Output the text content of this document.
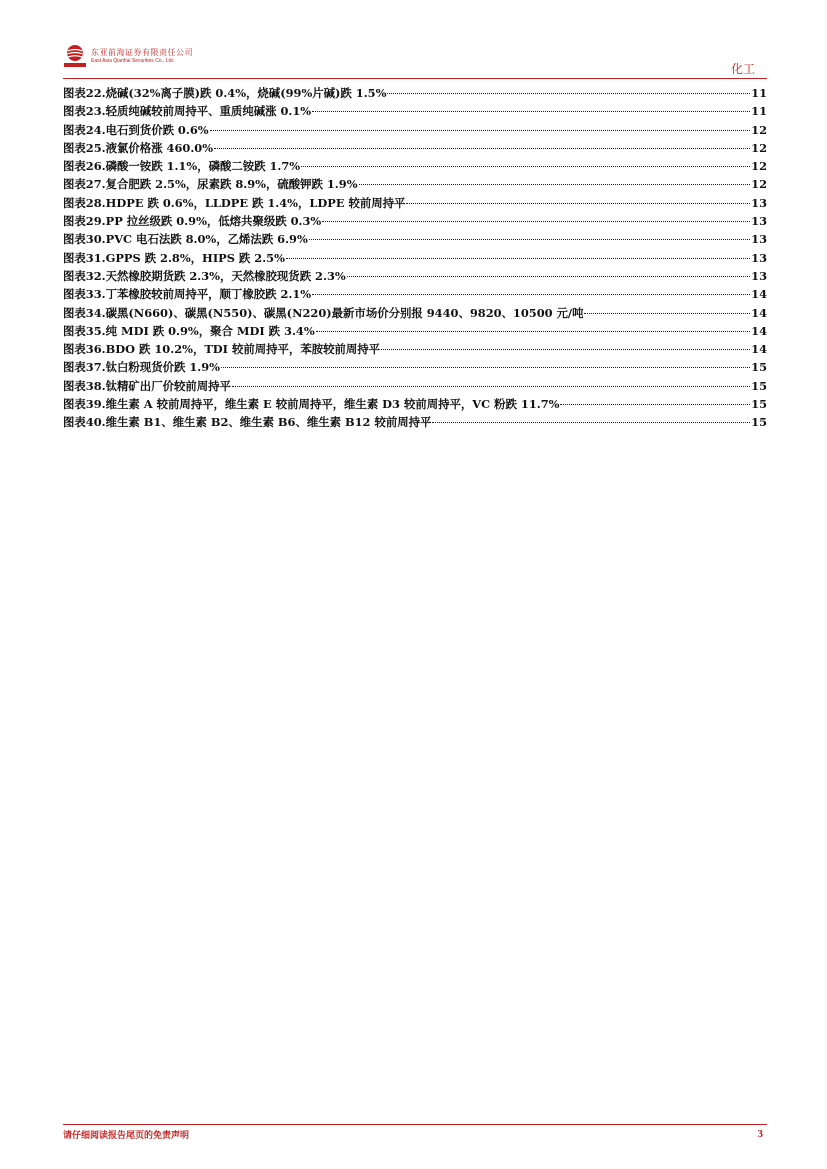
东亚前海证券有限责任公司
East Asia Qianhai Securities Co., Ltd.
化工
图表22. 烧碱(32%离子膜)跌 0.4%，烧碱(99%片碱)跌 1.5%	11
图表23. 轻质纯碱较前周持平、重质纯碱涨 0.1%	11
图表24. 电石到货价跌 0.6%	12
图表25. 液氯价格涨 460.0%	12
图表26. 磷酸一铵跌 1.1%，磷酸二铵跌 1.7%	12
图表27. 复合肥跌 2.5%，尿素跌 8.9%，硫酸钾跌 1.9%	12
图表28. HDPE 跌 0.6%，LLDPE 跌 1.4%，LDPE 较前周持平	13
图表29. PP 拉丝级跌 0.9%，低熔共聚级跌 0.3%	13
图表30. PVC 电石法跌 8.0%，乙烯法跌 6.9%	13
图表31. GPPS 跌 2.8%，HIPS 跌 2.5%	13
图表32. 天然橡胶期货跌 2.3%，天然橡胶现货跌 2.3%	13
图表33. 丁苯橡胶较前周持平，顺丁橡胶跌 2.1%	14
图表34. 碳黑(N660)、碳黑(N550)、碳黑(N220)最新市场价分别报 9440、9820、10500 元/吨	14
图表35. 纯 MDI 跌 0.9%，聚合 MDI 跌 3.4%	14
图表36. BDO 跌 10.2%，TDI 较前周持平，苯胺较前周持平	14
图表37. 钛白粉现货价跌 1.9%	15
图表38. 钛精矿出厂价较前周持平	15
图表39. 维生素 A 较前周持平，维生素 E 较前周持平，维生素 D3 较前周持平，VC 粉跌 11.7%	15
图表40. 维生素 B1、维生素 B2、维生素 B6、维生素 B12 较前周持平	15
请仔细阅读报告尾页的免责声明	3
